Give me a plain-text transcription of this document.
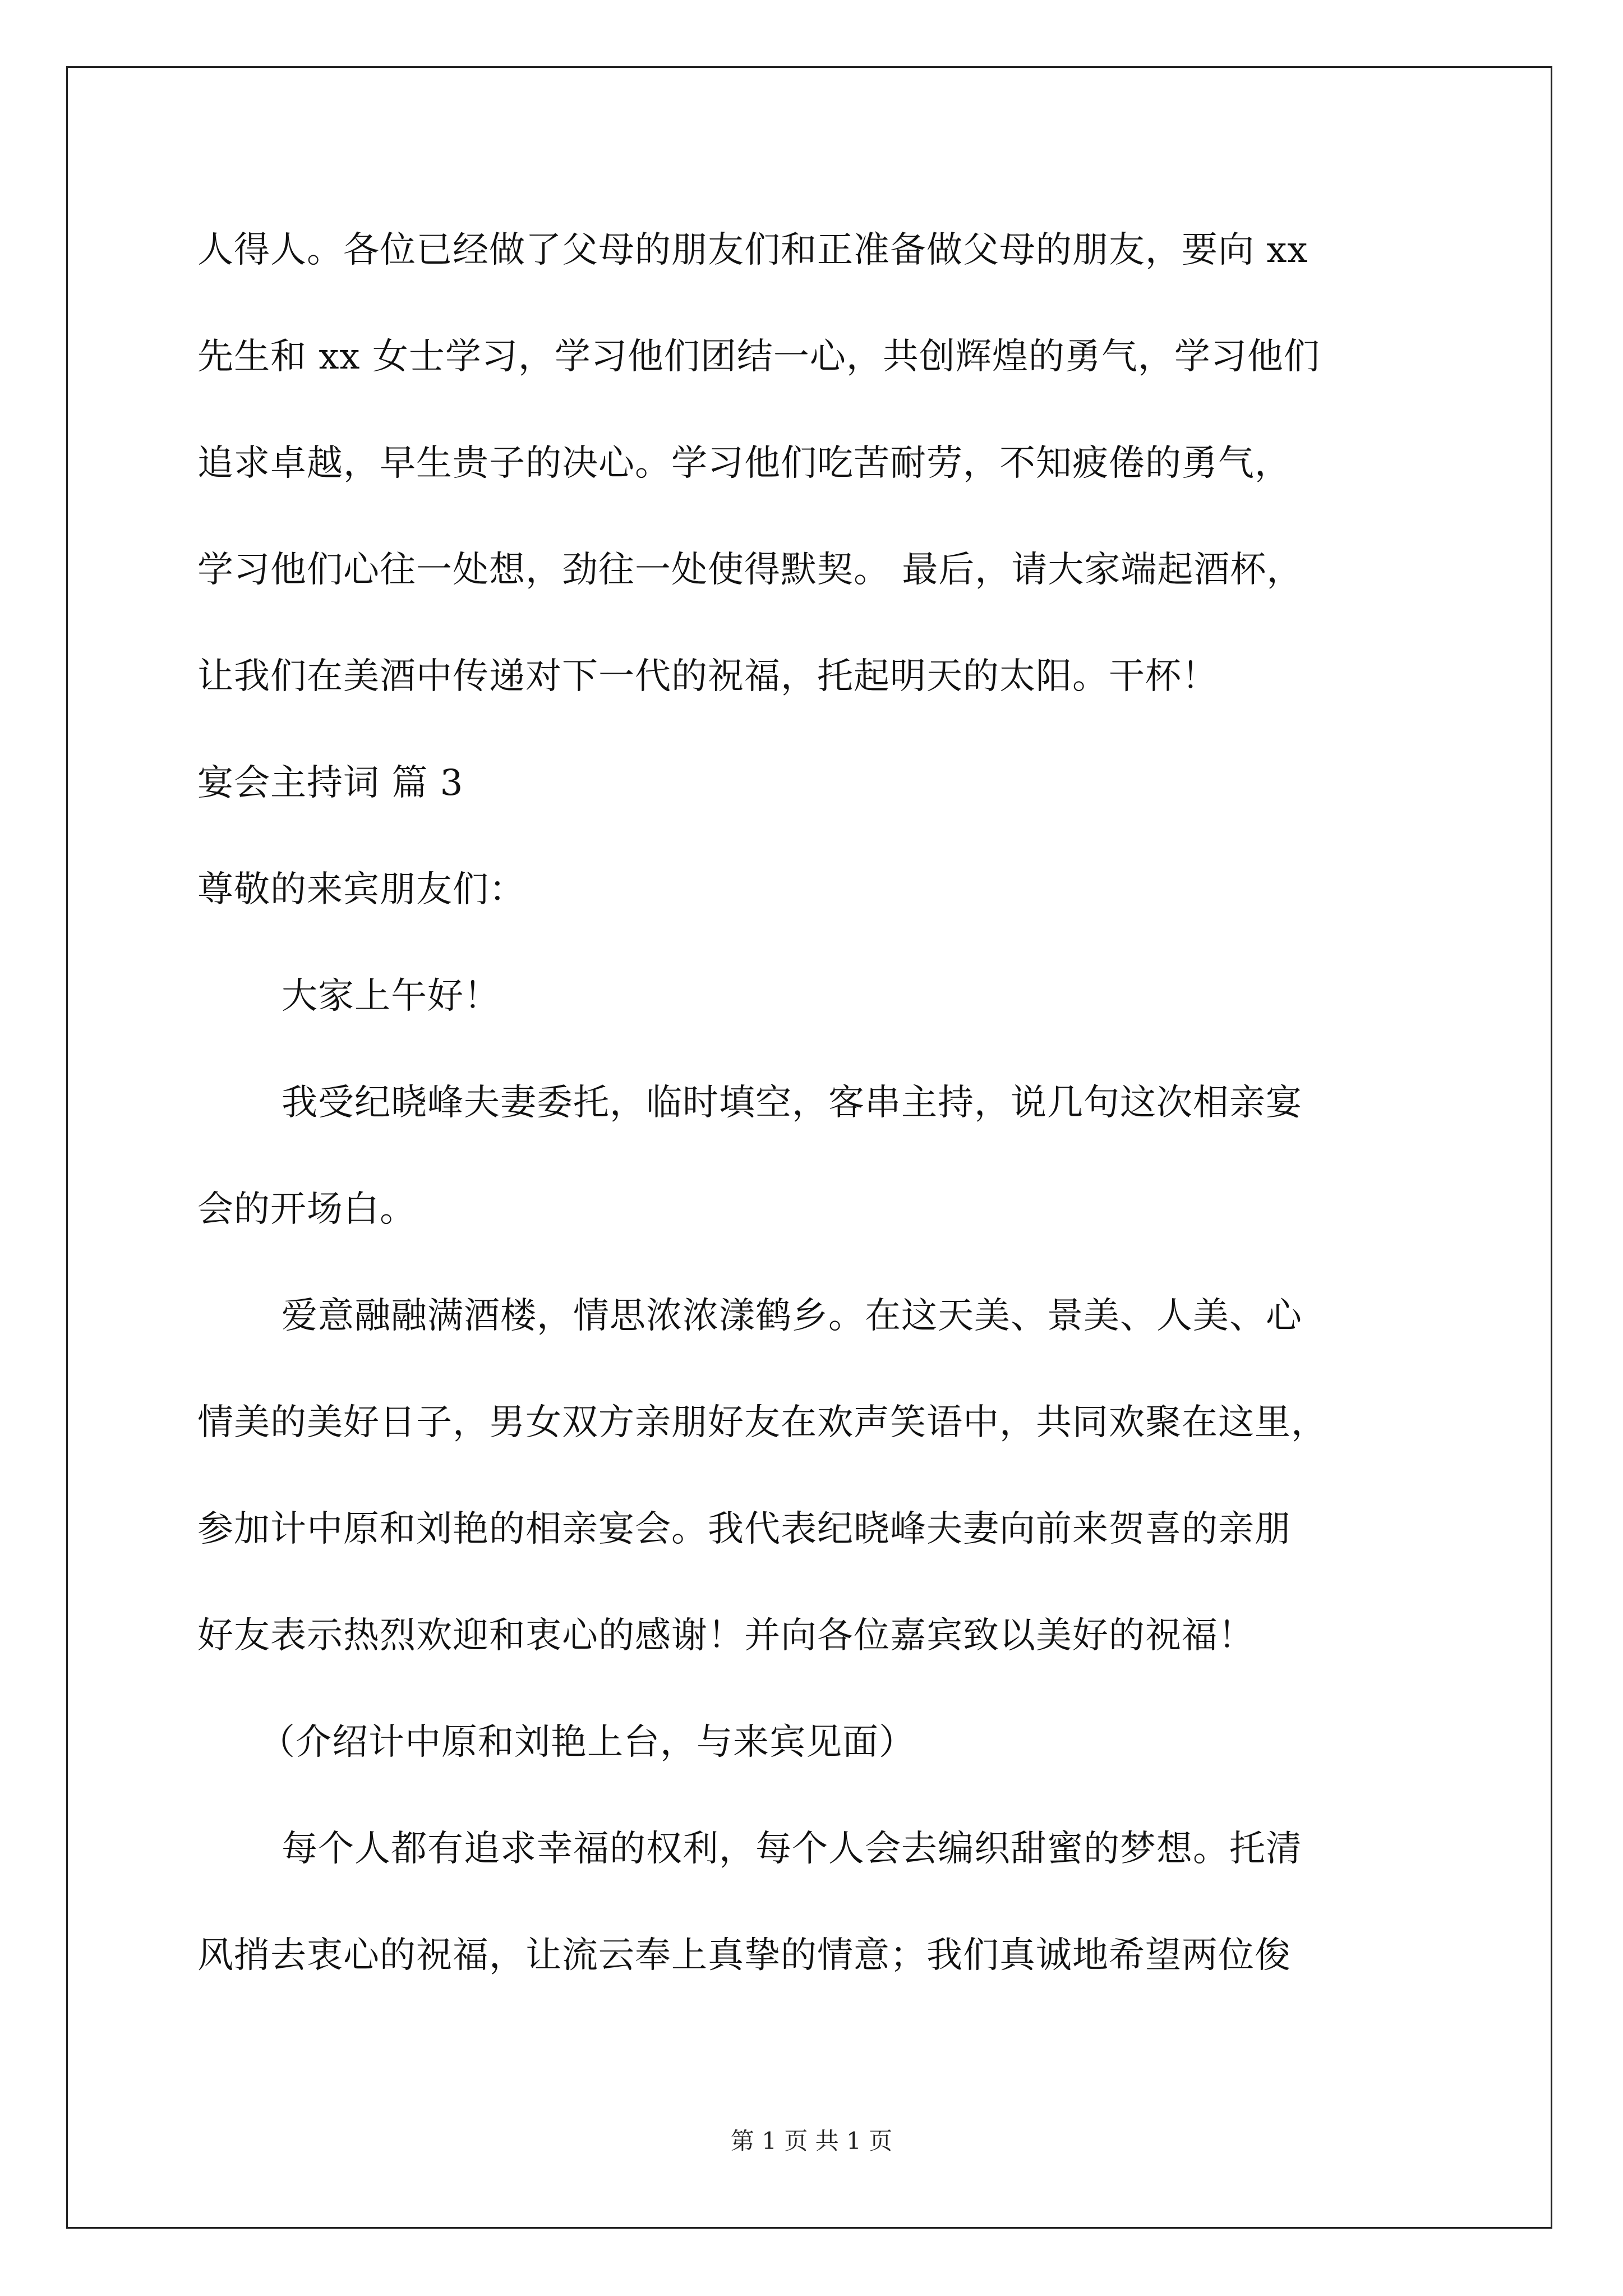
人得人。各位已经做了父母的朋友们和正准备做父母的朋友，要向 xx
先生和 xx 女士学习，学习他们团结一心，共创辉煌的勇气，学习他们
追求卓越，早生贵子的决心。学习他们吃苦耐劳，不知疲倦的勇气，
学习他们心往一处想，劲往一处使得默契。 最后，请大家端起酒杯，
让我们在美酒中传递对下一代的祝福，托起明天的太阳。干杯！
宴会主持词 篇 3
尊敬的来宾朋友们：
大家上午好！
我受纪晓峰夫妻委托，临时填空，客串主持，说几句这次相亲宴
会的开场白。
爱意融融满酒楼，情思浓浓漾鹤乡。在这天美、景美、人美、心
情美的美好日子，男女双方亲朋好友在欢声笑语中，共同欢聚在这里，
参加计中原和刘艳的相亲宴会。我代表纪晓峰夫妻向前来贺喜的亲朋
好友表示热烈欢迎和衷心的感谢！并向各位嘉宾致以美好的祝福！
（介绍计中原和刘艳上台，与来宾见面）
每个人都有追求幸福的权利，每个人会去编织甜蜜的梦想。托清
风捎去衷心的祝福，让流云奉上真挚的情意；我们真诚地希望两位俊
第 1 页 共 1 页
